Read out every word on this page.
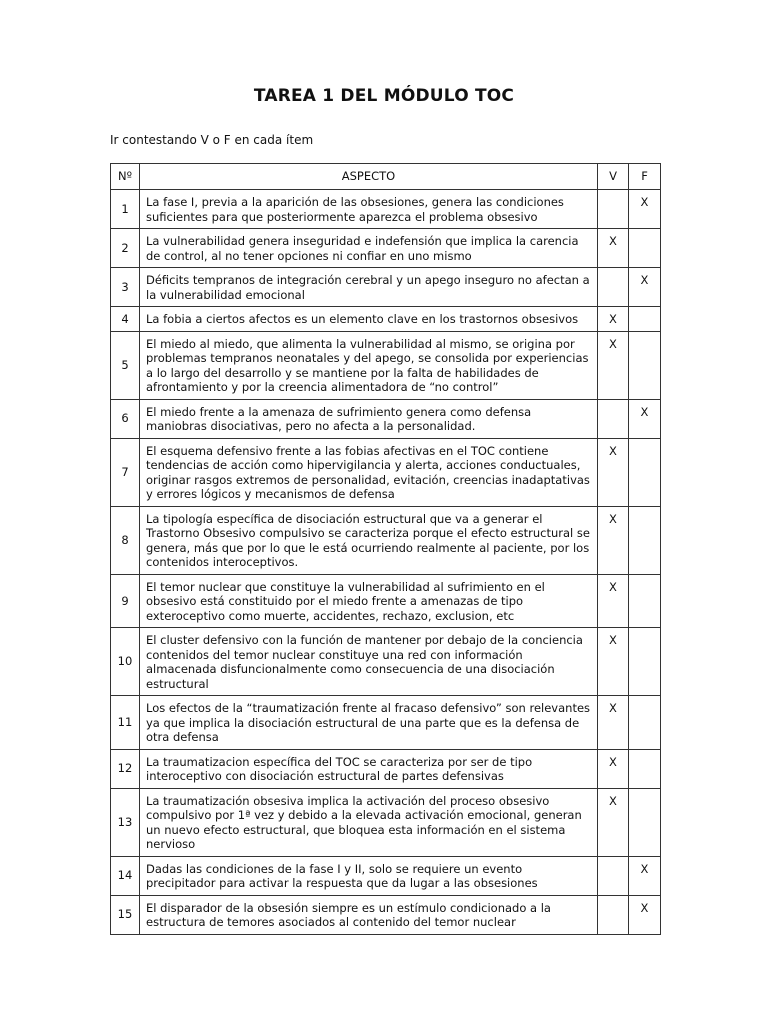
TAREA 1 DEL MÓDULO TOC
Ir contestando V o F en cada ítem
Nº	ASPECTO	V	F
1	La fase I, previa a la aparición de las obsesiones, genera las condiciones suficientes para que posteriormente aparezca el problema obsesivo		X
2	La vulnerabilidad genera inseguridad e indefensión que implica la carencia de control, al no tener opciones ni confiar en uno mismo	X	
3	Déficits tempranos de integración cerebral y un apego inseguro no afectan a la vulnerabilidad emocional		X
4	La fobia a ciertos afectos es un elemento clave en los trastornos obsesivos	X	
5	El miedo al miedo, que alimenta la vulnerabilidad al mismo, se origina por problemas tempranos neonatales y del apego, se consolida por experiencias a lo largo del desarrollo y se mantiene por la falta de habilidades de afrontamiento y por la creencia alimentadora de “no control”	X	
6	El miedo frente a la amenaza de sufrimiento genera como defensa maniobras disociativas, pero no afecta a la personalidad.		X
7	El esquema defensivo frente a las fobias afectivas en el TOC contiene tendencias de acción como hipervigilancia y alerta, acciones conductuales, originar rasgos extremos de personalidad, evitación, creencias inadaptativas y errores lógicos y mecanismos de defensa	X	
8	La tipología específica de disociación estructural que va a generar el Trastorno Obsesivo compulsivo se caracteriza porque el efecto estructural se genera, más que por lo que le está ocurriendo realmente al paciente, por los contenidos interoceptivos.	X	
9	El temor nuclear que constituye la vulnerabilidad al sufrimiento en el obsesivo está constituido por el miedo frente a amenazas de tipo exteroceptivo como muerte, accidentes, rechazo, exclusion, etc	X	
10	El cluster defensivo con la función de mantener por debajo de la conciencia contenidos del temor nuclear constituye una red con información almacenada disfuncionalmente como consecuencia de una disociación estructural	X	
11	Los efectos de la “traumatización frente al fracaso defensivo” son relevantes ya que implica la disociación estructural de una parte que es la defensa de otra defensa	X	
12	La traumatizacion específica del TOC se caracteriza por ser de tipo interoceptivo con disociación estructural de partes defensivas	X	
13	La traumatización obsesiva implica la activación del proceso obsesivo compulsivo por 1ª vez y debido a la elevada activación emocional, generan un nuevo efecto estructural, que bloquea esta información en el sistema nervioso	X	
14	Dadas las condiciones de la fase I y II, solo se requiere un evento precipitador para activar la respuesta que da lugar a las obsesiones		X
15	El disparador de la obsesión siempre es un estímulo condicionado a la estructura de temores asociados al contenido del temor nuclear		X
